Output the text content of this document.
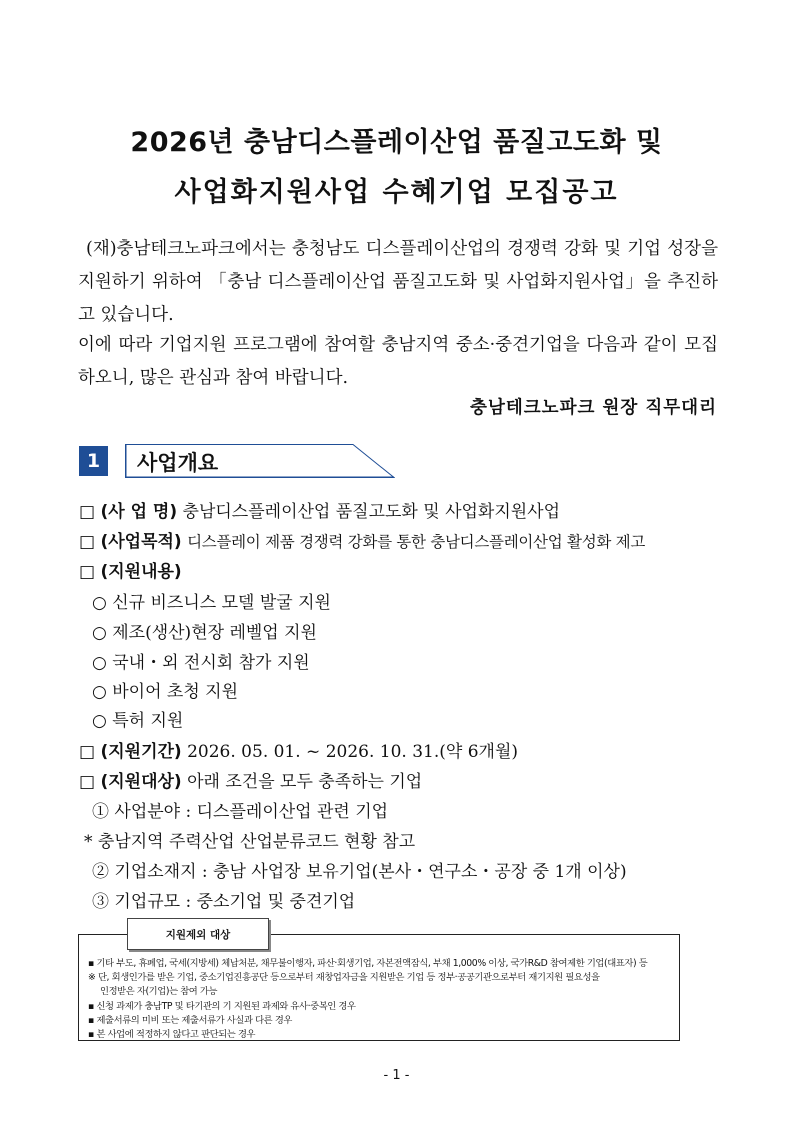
2026년 충남디스플레이산업 품질고도화 및
사업화지원사업 수혜기업 모집공고

(재)충남테크노파크에서는 충청남도 디스플레이산업의 경쟁력 강화 및 기업 성장을 지원하기 위하여 「충남 디스플레이산업 품질고도화 및 사업화지원사업」을 추진하고 있습니다.

이에 따라 기업지원 프로그램에 참여할 충남지역 중소·중견기업을 다음과 같이 모집하오니, 많은 관심과 참여 바랍니다.

충남테크노파크 원장 직무대리
1	사업개요
□ (사 업 명) 충남디스플레이산업 품질고도화 및 사업화지원사업
□ (사업목적) 디스플레이 제품 경쟁력 강화를 통한 충남디스플레이산업 활성화 제고
□ (지원내용)
○ 신규 비즈니스 모델 발굴 지원
○ 제조(생산)현장 레벨업 지원
○ 국내・외 전시회 참가 지원
○ 바이어 초청 지원
○ 특허 지원
□ (지원기간) 2026. 05. 01. ~ 2026. 10. 31.(약 6개월)
□ (지원대상) 아래 조건을 모두 충족하는 기업
① 사업분야 : 디스플레이산업 관련 기업
* 충남지역 주력산업 산업분류코드 현황 참고
② 기업소재지 : 충남 사업장 보유기업(본사・연구소・공장 중 1개 이상)
③ 기업규모 : 중소기업 및 중견기업
지원제외 대상
▪ 기타 부도, 휴폐업, 국세(지방세) 체납처분, 채무불이행자, 파산·회생기업, 자본전액잠식, 부채 1,000% 이상, 국가R&D 참여제한 기업(대표자) 등
※ 단, 회생인가를 받은 기업, 중소기업진흥공단 등으로부터 재창업자금을 지원받은 기업 등 정부·공공기관으로부터 재기지원 필요성을
인정받은 자(기업)는 참여 가능
▪ 신청 과제가 충남TP 및 타기관의 기 지원된 과제와 유사·중복인 경우
▪ 제출서류의 미비 또는 제출서류가 사실과 다른 경우
▪ 본 사업에 적정하지 않다고 판단되는 경우
- 1 -
